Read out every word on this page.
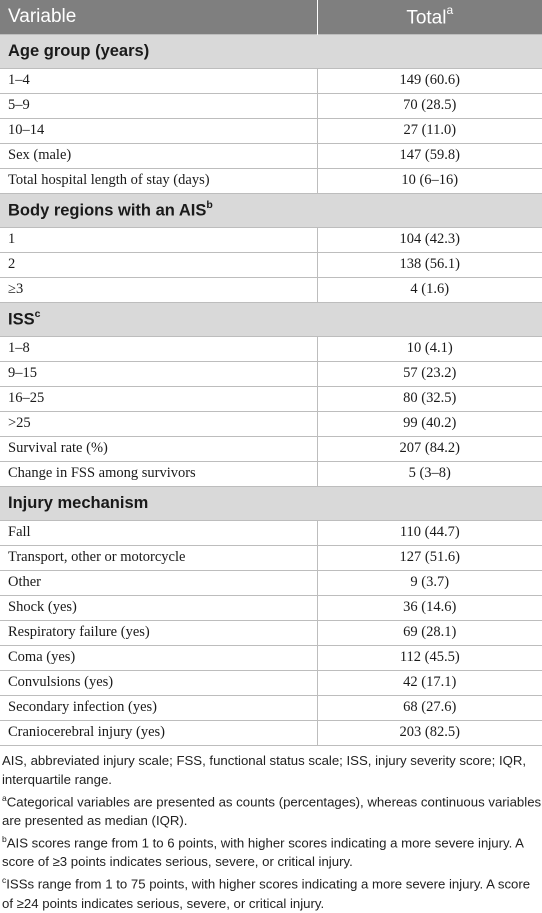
Variable	Total$^a$
Age group (years)	
1–4	149 (60.6)
5–9	70 (28.5)
10–14	27 (11.0)
Sex (male)	147 (59.8)
Total hospital length of stay (days)	10 (6–16)
Body regions with an AIS$^b$
1	104 (42.3)
2	138 (56.1)
≥3	4 (1.6)
ISS$^c$
1–8	10 (4.1)
9–15	57 (23.2)
16–25	80 (32.5)
>25	99 (40.2)
Survival rate (%)	207 (84.2)
Change in FSS among survivors	5 (3–8)
Injury mechanism	
Fall	110 (44.7)
Transport, other or motorcycle	127 (51.6)
Other	9 (3.7)
Shock (yes)	36 (14.6)
Respiratory failure (yes)	69 (28.1)
Coma (yes)	112 (45.5)
Convulsions (yes)	42 (17.1)
Secondary infection (yes)	68 (27.6)
Craniocerebral injury (yes)	203 (82.5)

AIS, abbreviated injury scale; FSS, functional status scale; ISS, injury severity score; IQR, interquartile range.

$^a$Categorical variables are presented as counts (percentages), whereas continuous variables are presented as median (IQR).

$^b$AIS scores range from 1 to 6 points, with higher scores indicating a more severe injury. A score of ≥3 points indicates serious, severe, or critical injury.

$^c$ISSs range from 1 to 75 points, with higher scores indicating a more severe injury. A score of ≥24 points indicates serious, severe, or critical injury.
